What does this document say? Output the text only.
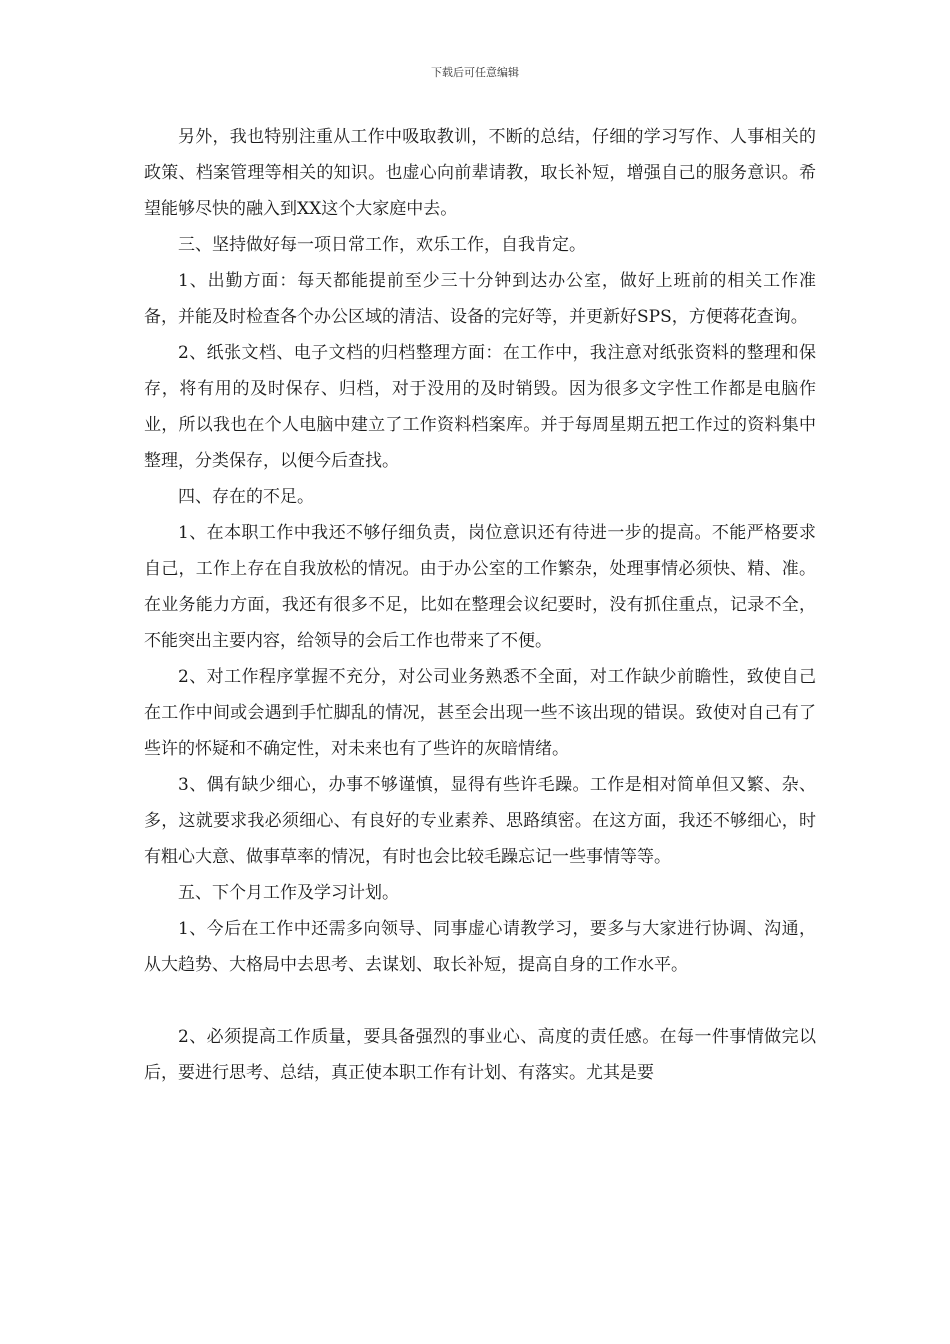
下载后可任意编辑

另外，我也特别注重从工作中吸取教训，不断的总结，仔细的学习写作、人事相关的政策、档案管理等相关的知识。也虚心向前辈请教，取长补短，增强自己的服务意识。希望能够尽快的融入到XX这个大家庭中去。

三、坚持做好每一项日常工作，欢乐工作，自我肯定。

1、出勤方面：每天都能提前至少三十分钟到达办公室，做好上班前的相关工作准备，并能及时检查各个办公区域的清洁、设备的完好等，并更新好SPS，方便蒋花查询。

2、纸张文档、电子文档的归档整理方面：在工作中，我注意对纸张资料的整理和保存，将有用的及时保存、归档，对于没用的及时销毁。因为很多文字性工作都是电脑作业，所以我也在个人电脑中建立了工作资料档案库。并于每周星期五把工作过的资料集中整理，分类保存，以便今后查找。

四、存在的不足。

1、在本职工作中我还不够仔细负责，岗位意识还有待进一步的提高。不能严格要求自己，工作上存在自我放松的情况。由于办公室的工作繁杂，处理事情必须快、精、准。在业务能力方面，我还有很多不足，比如在整理会议纪要时，没有抓住重点，记录不全，不能突出主要内容，给领导的会后工作也带来了不便。

2、对工作程序掌握不充分，对公司业务熟悉不全面，对工作缺少前瞻性，致使自己在工作中间或会遇到手忙脚乱的情况，甚至会出现一些不该出现的错误。致使对自己有了些许的怀疑和不确定性，对未来也有了些许的灰暗情绪。

3、偶有缺少细心，办事不够谨慎，显得有些许毛躁。工作是相对简单但又繁、杂、多，这就要求我必须细心、有良好的专业素养、思路缜密。在这方面，我还不够细心，时有粗心大意、做事草率的情况，有时也会比较毛躁忘记一些事情等等。

五、下个月工作及学习计划。

1、今后在工作中还需多向领导、同事虚心请教学习，要多与大家进行协调、沟通，从大趋势、大格局中去思考、去谋划、取长补短，提高自身的工作水平。

2、必须提高工作质量，要具备强烈的事业心、高度的责任感。在每一件事情做完以后，要进行思考、总结，真正使本职工作有计划、有落实。尤其是要
